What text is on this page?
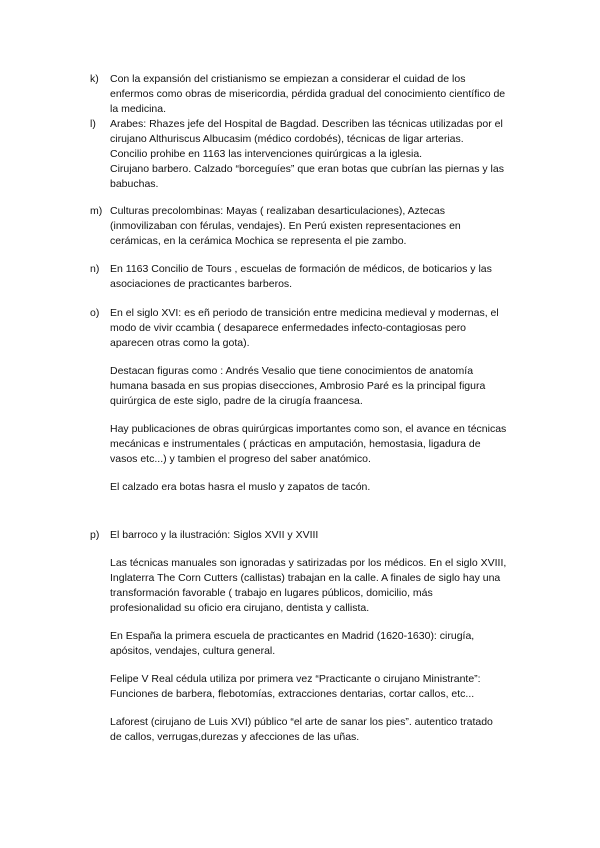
k) Con la expansión del cristianismo se empiezan a considerar el cuidad de los
enfermos como obras de misericordia, pérdida gradual del conocimiento científico de
la medicina.

l) Arabes: Rhazes jefe del Hospital de Bagdad. Describen las técnicas utilizadas por el
cirujano Althuriscus Albucasim (médico cordobés), técnicas de ligar arterias.
Concilio prohibe en 1163 las intervenciones quirúrgicas a la iglesia.
Cirujano barbero. Calzado “borceguíes” que eran botas que cubrían las piernas y las
babuchas.

m) Culturas precolombinas: Mayas ( realizaban desarticulaciones), Aztecas
(inmovilizaban con férulas, vendajes). En Perú existen representaciones en
cerámicas, en la cerámica Mochica se representa el pie zambo.

n) En 1163 Concilio de Tours , escuelas de formación de médicos, de boticarios y las
asociaciones de practicantes barberos.

o) En el siglo XVI: es eñ periodo de transición entre medicina medieval y modernas, el
modo de vivir ccambia ( desaparece enfermedades infecto-contagiosas pero
aparecen otras como la gota).

Destacan figuras como : Andrés Vesalio que tiene conocimientos de anatomía
humana basada en sus propias disecciones, Ambrosio Paré es la principal figura
quirúrgica de este siglo, padre de la cirugía fraancesa.

Hay publicaciones de obras quirúrgicas importantes como son, el avance en técnicas
mecánicas e instrumentales ( prácticas en amputación, hemostasia, ligadura de
vasos etc...) y tambien el progreso del saber anatómico.

El calzado era botas hasra el muslo y zapatos de tacón.

p) El barroco y la ilustración: Siglos XVII y XVIII

Las técnicas manuales son ignoradas y satirizadas por los médicos. En el siglo XVIII,
Inglaterra The Corn Cutters (callistas) trabajan en la calle. A finales de siglo hay una
transformación favorable ( trabajo en lugares públicos, domicilio, más
profesionalidad su oficio era cirujano, dentista y callista.

En España la primera escuela de practicantes en Madrid (1620-1630): cirugía,
apósitos, vendajes, cultura general.

Felipe V Real cédula utiliza por primera vez “Practicante o cirujano Ministrante”:
Funciones de barbera, flebotomías, extracciones dentarias, cortar callos, etc...

Laforest (cirujano de Luis XVI) público “el arte de sanar los pies”. autentico tratado
de callos, verrugas,durezas y afecciones de las uñas.
